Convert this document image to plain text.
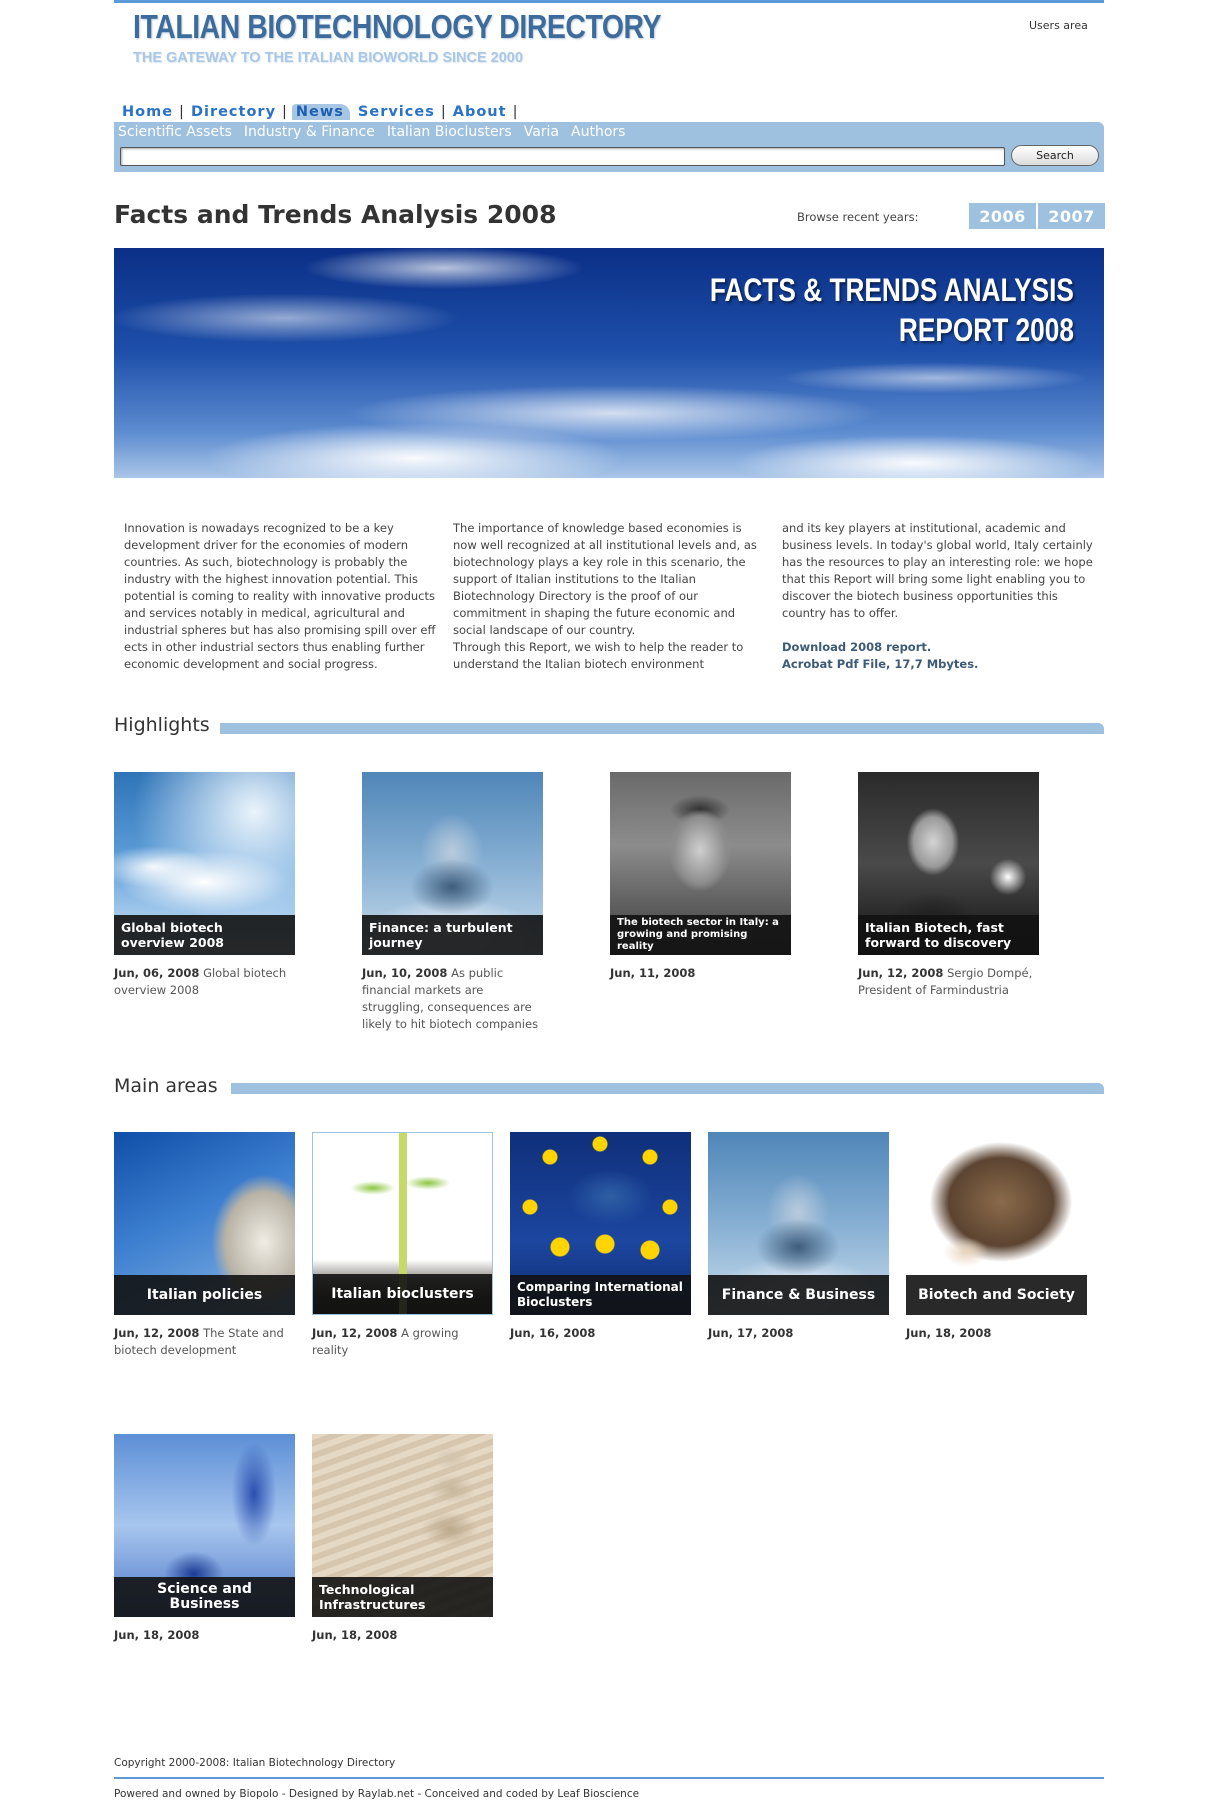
ITALIAN BIOTECHNOLOGY DIRECTORY
THE GATEWAY TO THE ITALIAN BIOWORLD SINCE 2000
Users area
Home | Directory | News Services | About |
Scientific Assets Industry & Finance Italian Bioclusters Varia Authors
Search
Facts and Trends Analysis 2008	Browse recent years:	2006	2007
FACTS & TRENDS ANALYSIS
REPORT 2008
Innovation is nowadays recognized to be a key development driver for the economies of modern countries. As such, biotechnology is probably the industry with the highest innovation potential. This potential is coming to reality with innovative products and services notably in medical, agricultural and industrial spheres but has also promising spill over eff ects in other industrial sectors thus enabling further economic development and social progress.
The importance of knowledge based economies is now well recognized at all institutional levels and, as biotechnology plays a key role in this scenario, the support of Italian institutions to the Italian Biotechnology Directory is the proof of our commitment in shaping the future economic and social landscape of our country.
Through this Report, we wish to help the reader to understand the Italian biotech environment
and its key players at institutional, academic and business levels. In today's global world, Italy certainly has the resources to play an interesting role: we hope that this Report will bring some light enabling you to discover the biotech business opportunities this country has to offer.
Download 2008 report.
Acrobat Pdf File, 17,7 Mbytes.
Highlights
Global biotech overview 2008
Jun, 06, 2008 Global biotech overview 2008
Finance: a turbulent journey
Jun, 10, 2008 As public financial markets are struggling, consequences are likely to hit biotech companies
The biotech sector in Italy: a growing and promising reality
Jun, 11, 2008
Italian Biotech, fast forward to discovery
Jun, 12, 2008 Sergio Dompé, President of Farmindustria
Main areas
Italian policies
Jun, 12, 2008 The State and biotech development
Italian bioclusters
Jun, 12, 2008 A growing reality
Comparing International Bioclusters
Jun, 16, 2008
Finance & Business
Jun, 17, 2008
Biotech and Society
Jun, 18, 2008
Science and Business
Jun, 18, 2008
Technological Infrastructures
Jun, 18, 2008
Copyright 2000-2008: Italian Biotechnology Directory
Powered and owned by Biopolo - Designed by Raylab.net - Conceived and coded by Leaf Bioscience
